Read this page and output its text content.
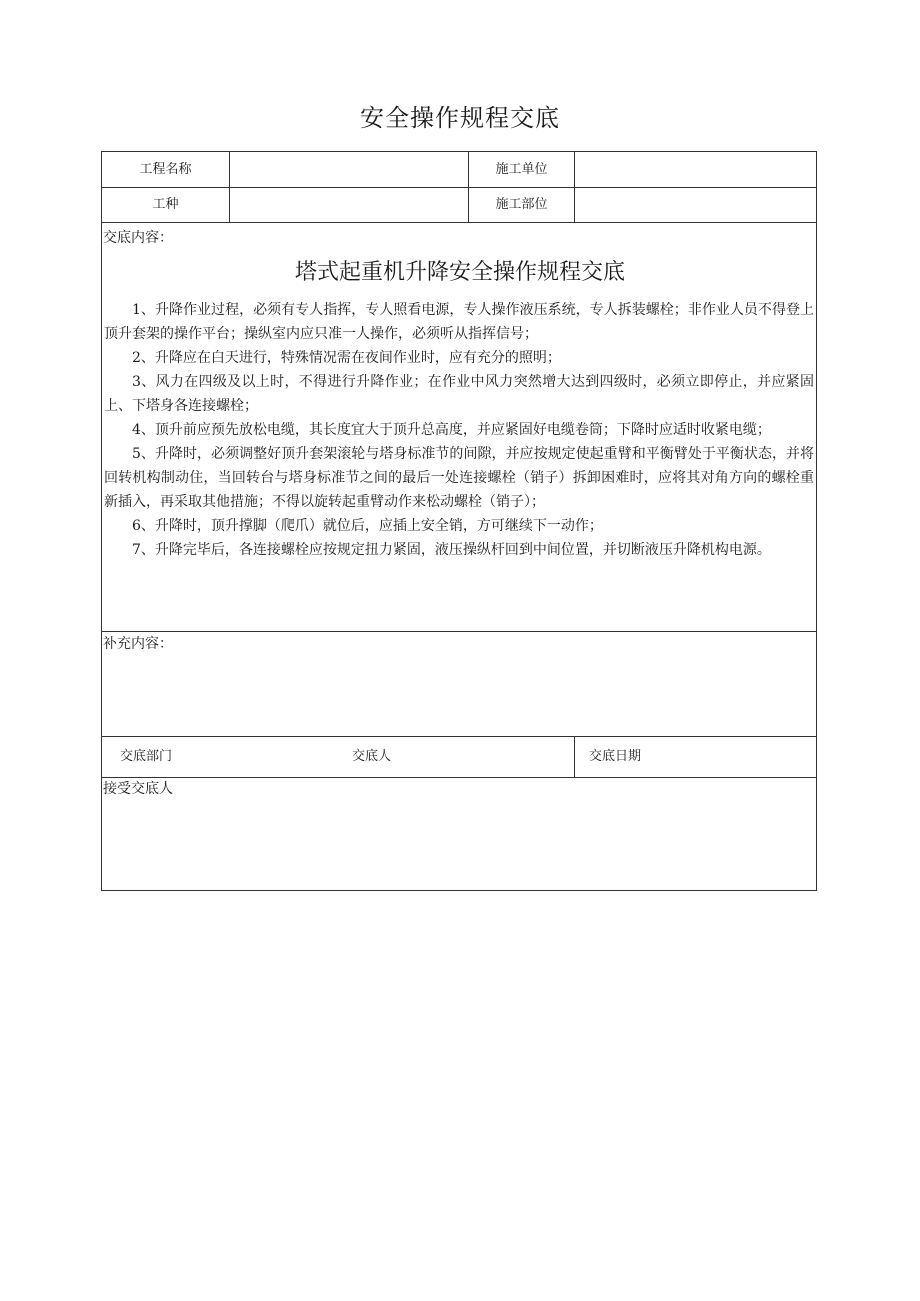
安全操作规程交底
工程名称	施工单位
工种	施工部位
交底内容：
塔式起重机升降安全操作规程交底

1、升降作业过程，必须有专人指挥，专人照看电源，专人操作液压系统，专人拆装螺栓；非作业人员不得登上顶升套架的操作平台；操纵室内应只准一人操作，必须听从指挥信号；

2、升降应在白天进行，特殊情况需在夜间作业时，应有充分的照明；

3、风力在四级及以上时，不得进行升降作业；在作业中风力突然增大达到四级时，必须立即停止，并应紧固上、下塔身各连接螺栓；

4、顶升前应预先放松电缆，其长度宜大于顶升总高度，并应紧固好电缆卷筒；下降时应适时收紧电缆；

5、升降时，必须调整好顶升套架滚轮与塔身标准节的间隙，并应按规定使起重臂和平衡臂处于平衡状态，并将回转机构制动住，当回转台与塔身标准节之间的最后一处连接螺栓（销子）拆卸困难时，应将其对角方向的螺栓重新插入，再采取其他措施；不得以旋转起重臂动作来松动螺栓（销子）；

6、升降时，顶升撑脚（爬爪）就位后，应插上安全销，方可继续下一动作；

7、升降完毕后，各连接螺栓应按规定扭力紧固，液压操纵杆回到中间位置，并切断液压升降机构电源。

补充内容：
交底部门	交底人	交底日期
接受交底人
